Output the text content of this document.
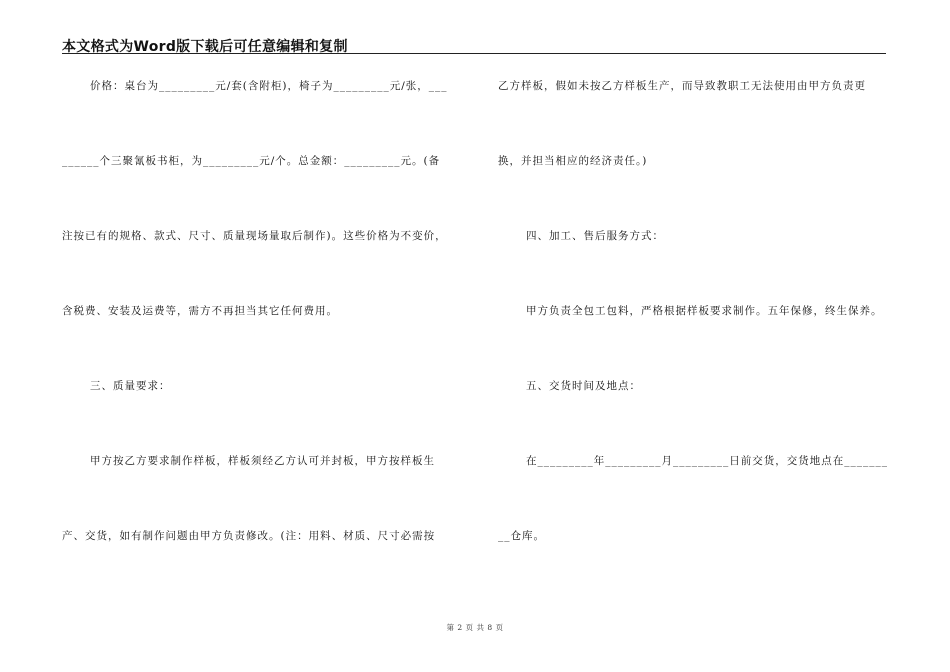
本文格式为Word版下载后可任意编辑和复制
价格：桌台为_________元/套(含附柜)，椅子为_________元/张，___
______个三聚氰板书柜，为_________元/个。总金额：_________元。(备
注按已有的规格、款式、尺寸、质量现场量取后制作)。这些价格为不变价，
含税费、安装及运费等，需方不再担当其它任何费用。
三、质量要求：
甲方按乙方要求制作样板，样板须经乙方认可并封板，甲方按样板生
产、交货，如有制作问题由甲方负责修改。(注：用料、材质、尺寸必需按
乙方样板，假如未按乙方样板生产，而导致教职工无法使用由甲方负责更
换，并担当相应的经济责任。)
四、加工、售后服务方式：
甲方负责全包工包料，严格根据样板要求制作。五年保修，终生保养。
五、交货时间及地点：
在_________年_________月_________日前交货，交货地点在_______
__仓库。
第 2 页 共 8 页
